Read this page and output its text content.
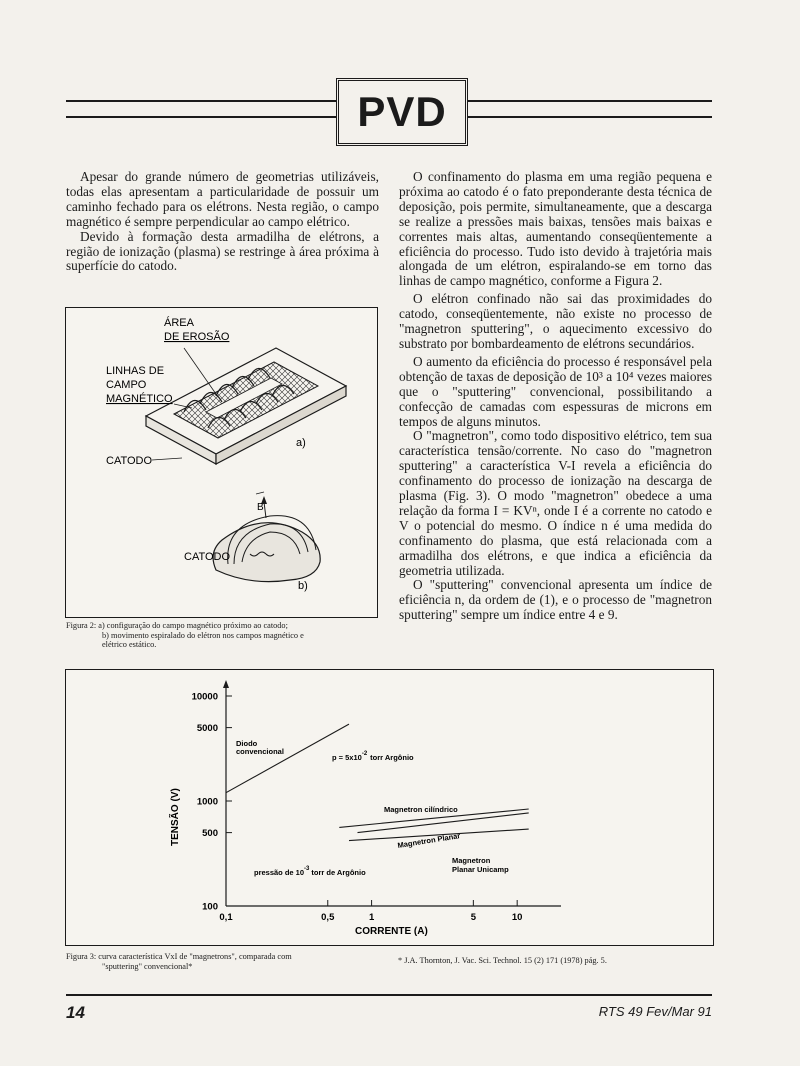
PVD

Apesar do grande número de geometrias utilizáveis, todas elas apresentam a particularidade de possuir um caminho fechado para os elétrons. Nesta região, o campo magnético é sempre perpendicular ao campo elétrico.

Devido à formação desta armadilha de elétrons, a região de ionização (plasma) se restringe à área próxima à superfície do catodo.

O confinamento do plasma em uma região pequena e próxima ao catodo é o fato preponderante desta técnica de deposição, pois permite, simultaneamente, que a descarga se realize a pressões mais baixas, tensões mais baixas e correntes mais altas, aumentando conseqüentemente a eficiência do processo. Tudo isto devido à trajetória mais alongada de um elétron, espiralando-se em torno das linhas de campo magnético, conforme a Figura 2.

O elétron confinado não sai das proximidades do catodo, conseqüentemente, não existe no processo de "magnetron sputtering", o aquecimento excessivo do substrato por bombardeamento de elétrons secundários.

O aumento da eficiência do processo é responsável pela obtenção de taxas de deposição de 10³ a 10⁴ vezes maiores que o "sputtering" convencional, possibilitando a confecção de camadas com espessuras de microns em tempos de alguns minutos.

O "magnetron", como todo dispositivo elétrico, tem sua característica tensão/corrente. No caso do "magnetron sputtering" a característica V-I revela a eficiência do confinamento do processo de ionização na descarga de plasma (Fig. 3). O modo "magnetron" obedece a uma relação da forma I = KVⁿ, onde I é a corrente no catodo e V o potencial do mesmo. O índice n é uma medida do confinamento do plasma, que está relacionada com a armadilha dos elétrons, e que indica a eficiência da geometria utilizada.

O "sputtering" convencional apresenta um índice de eficiência n, da ordem de (1), e o processo de "magnetron sputtering" sempre um índice entre 4 e 9.

ÁREA
DE EROSÃO
LINHAS DE
CAMPO
MAGNÉTICO
CATODO
a)
B
CATODO
b)
Figura 2: a) configuração do campo magnético próximo ao catodo;
b) movimento espiralado do elétron nos campos magnético e
elétrico estático.
100
500
1000
5000
10000
0,1	0,5	1	5	10
CORRENTE (A)
TENSÃO (V)
Diodo
convencional
$p = 5x10^{-2}$ torr Argônio
Magnetron cilíndrico
Magnetron Planar
Magnetron
Planar Unicamp
pressão de $10^{-3}$ torr de Argônio
Figura 3: curva característica VxI de "magnetrons", comparada com
"sputtering" convencional*
* J.A. Thornton, J. Vac. Sci. Technol. 15 (2) 171 (1978) pág. 5.
14	RTS 49 Fev/Mar 91
